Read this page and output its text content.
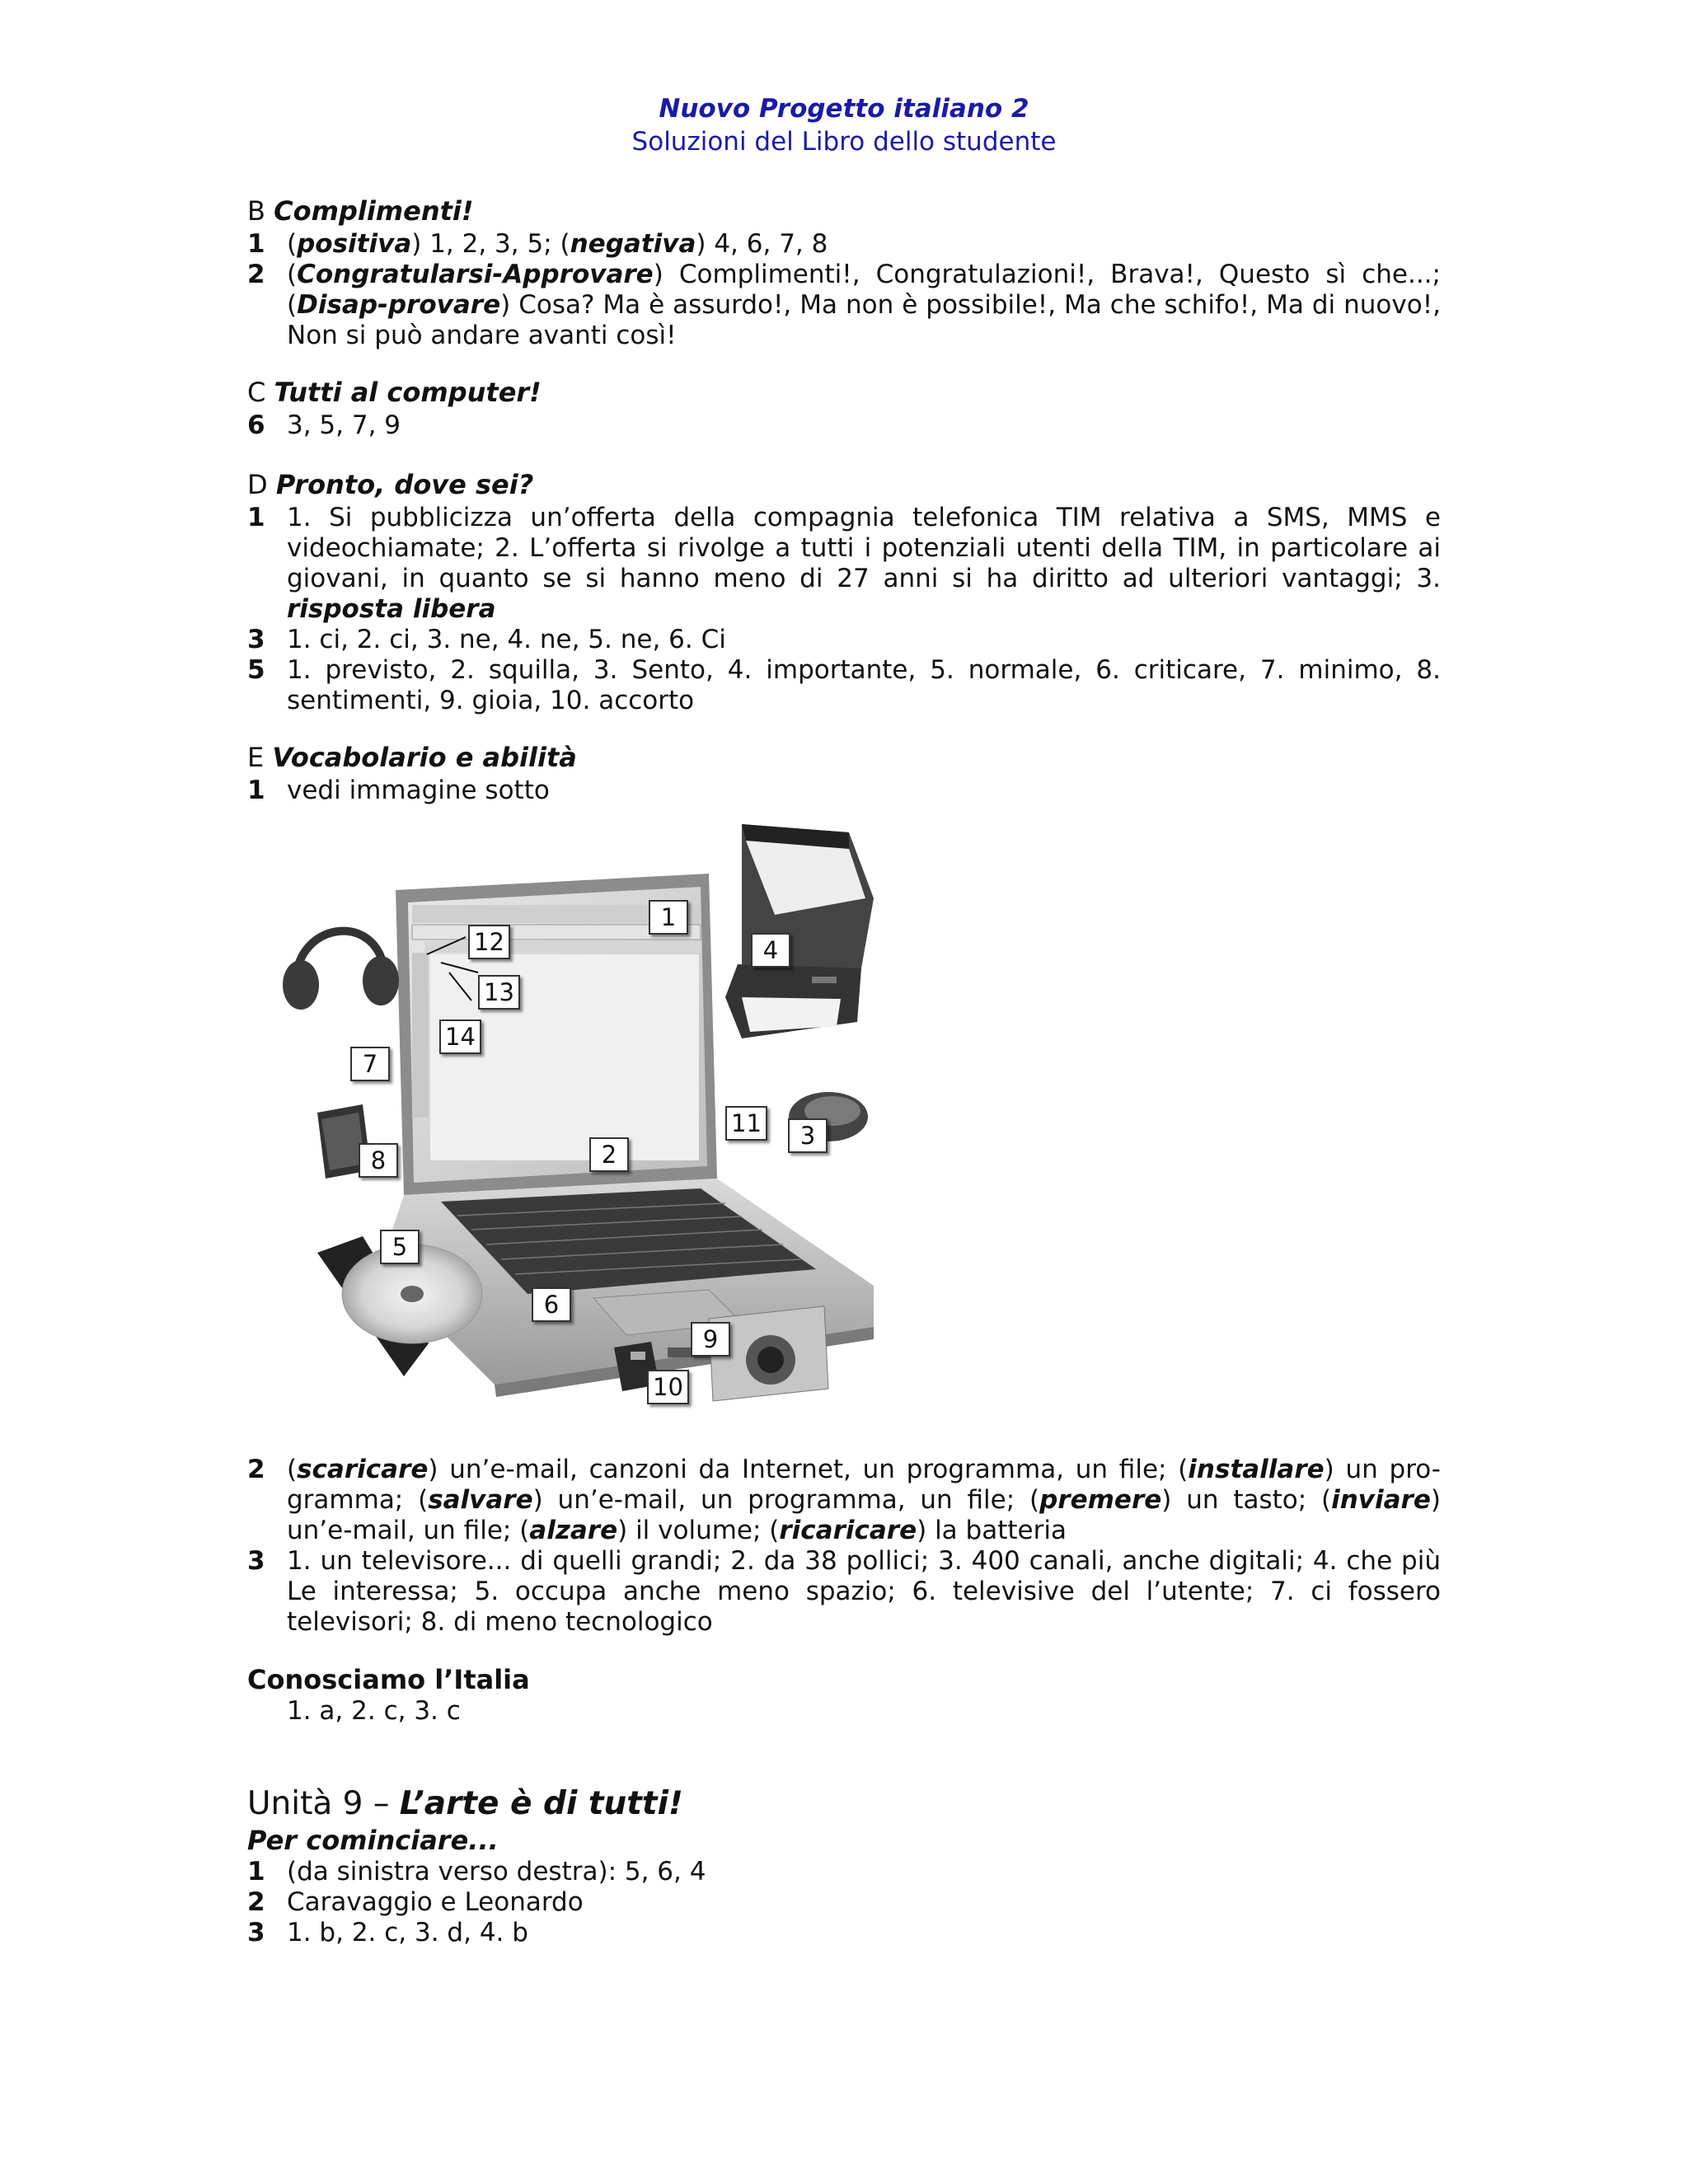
Nuovo Progetto italiano 2
Soluzioni del Libro dello studente
B Complimenti!
1 (positiva) 1, 2, 3, 5; (negativa) 4, 6, 7, 8
2 (Congratularsi-Approvare) Complimenti!, Congratulazioni!, Brava!, Questo sì che...; (Disap-provare) Cosa? Ma è assurdo!, Ma non è possibile!, Ma che schifo!, Ma di nuovo!, Non si può andare avanti così!
C Tutti al computer!
6 3, 5, 7, 9
D Pronto, dove sei?
1 1. Si pubblicizza un’offerta della compagnia telefonica TIM relativa a SMS, MMS e videochiamate; 2. L’offerta si rivolge a tutti i potenziali utenti della TIM, in particolare ai giovani, in quanto se si hanno meno di 27 anni si ha diritto ad ulteriori vantaggi; 3. risposta libera
3 1. ci, 2. ci, 3. ne, 4. ne, 5. ne, 6. Ci
5 1. previsto, 2. squilla, 3. Sento, 4. importante, 5. normale, 6. criticare, 7. minimo, 8. sentimenti, 9. gioia, 10. accorto
E Vocabolario e abilità
1 vedi immagine sotto
1
2
3
4
5
6
7
8
9
10
11
12
13
14
2 (scaricare) un’e-mail, canzoni da Internet, un programma, un file; (installare) un pro-gramma; (salvare) un’e-mail, un programma, un file; (premere) un tasto; (inviare) un’e-mail, un file; (alzare) il volume; (ricaricare) la batteria
3 1. un televisore... di quelli grandi; 2. da 38 pollici; 3. 400 canali, anche digitali; 4. che più Le interessa; 5. occupa anche meno spazio; 6. televisive del l’utente; 7. ci fossero televisori; 8. di meno tecnologico
Conosciamo l’Italia
1. a, 2. c, 3. c
Unità 9 – L’arte è di tutti!
Per cominciare...
1 (da sinistra verso destra): 5, 6, 4
2 Caravaggio e Leonardo
3 1. b, 2. c, 3. d, 4. b
